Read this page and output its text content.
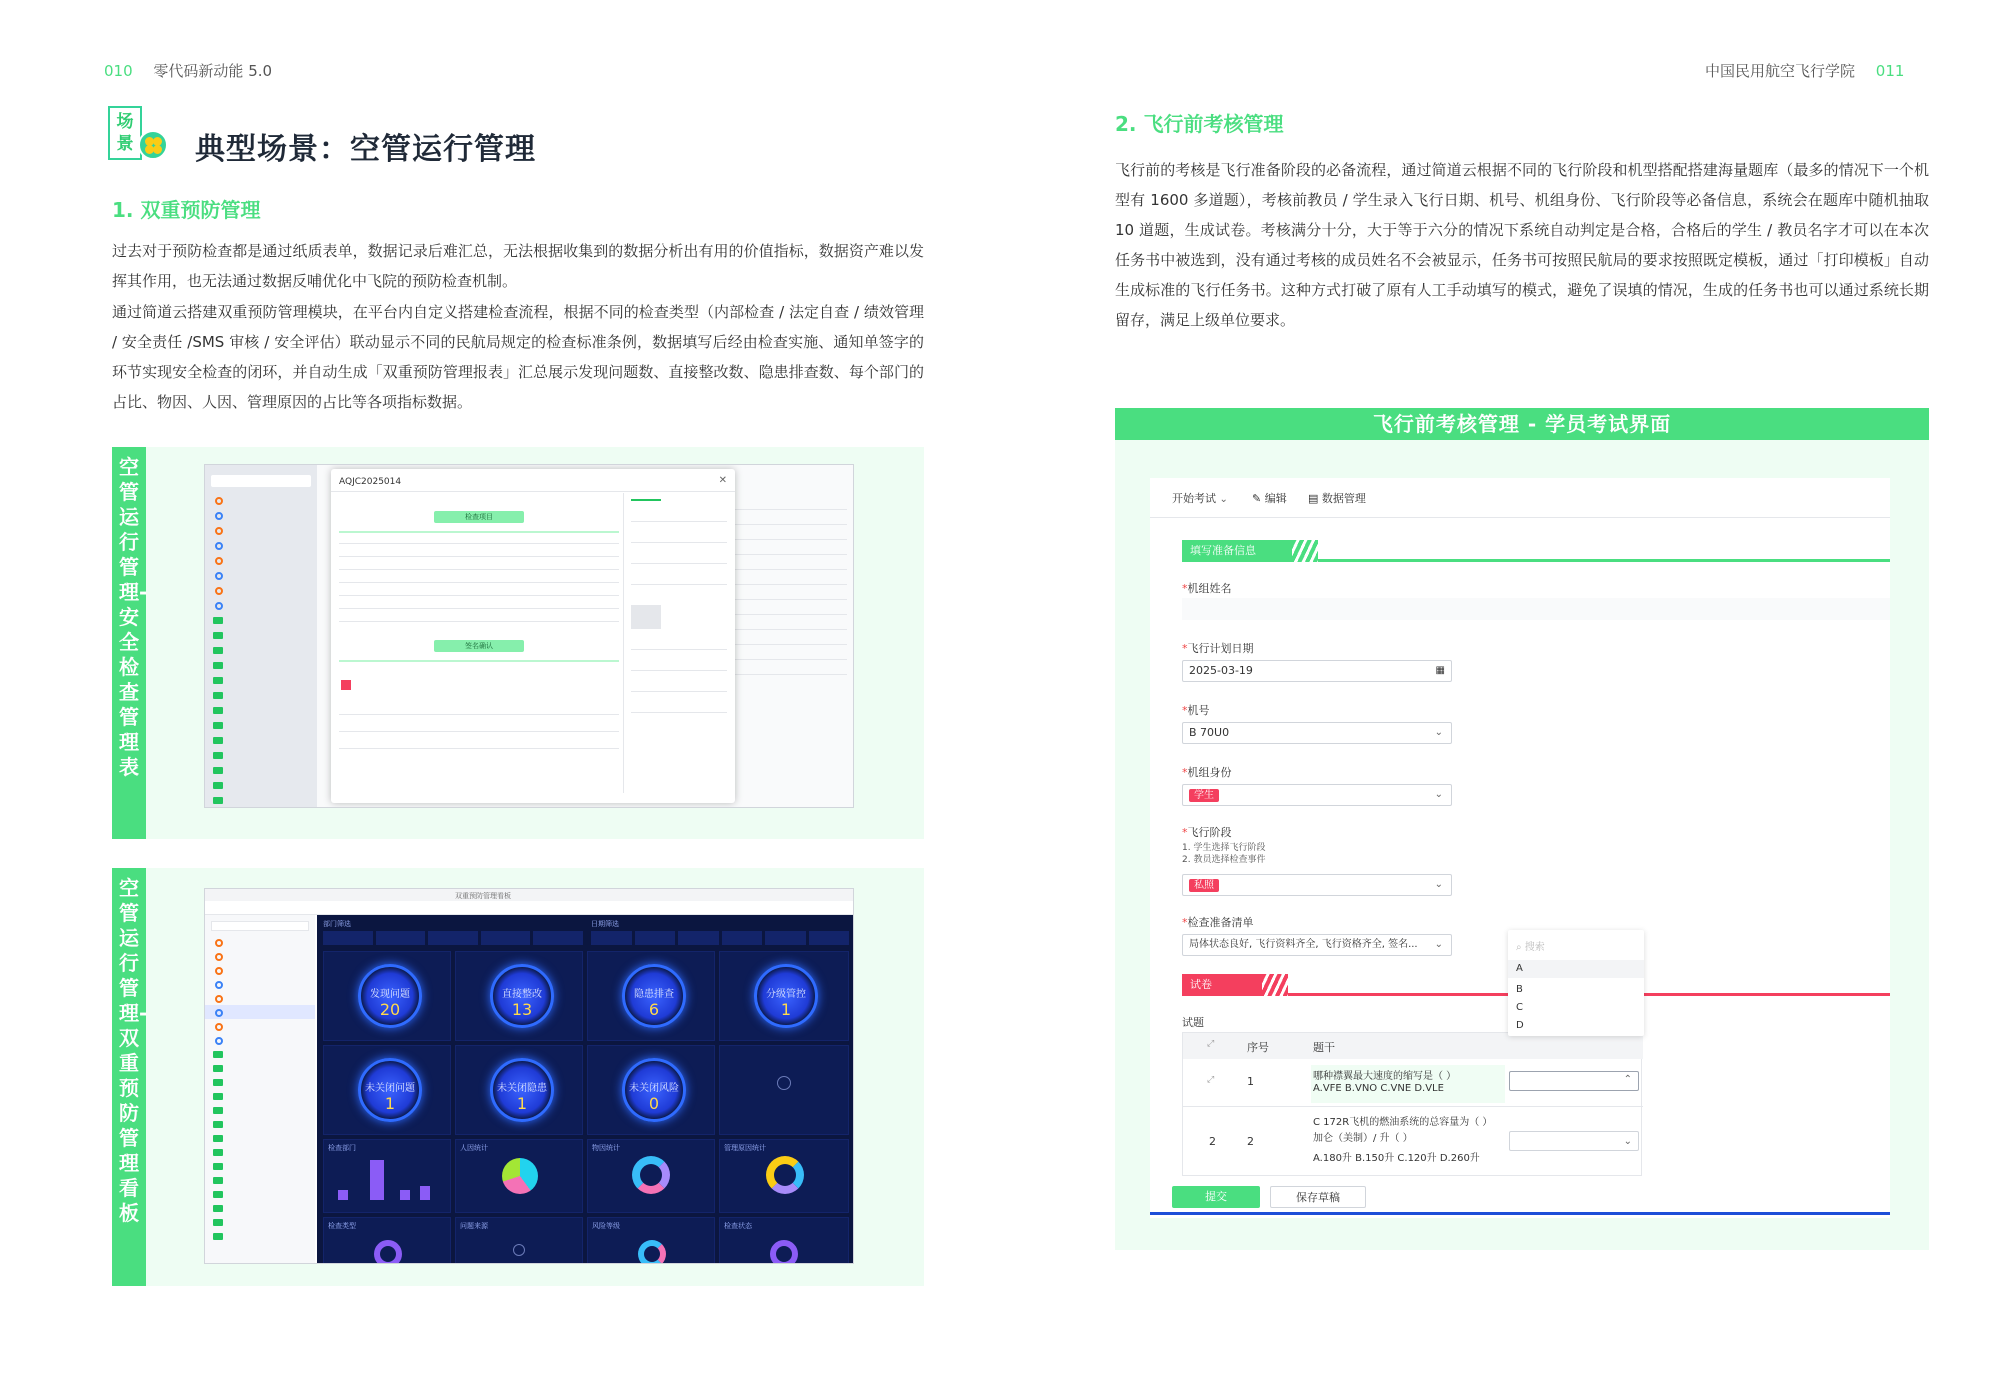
010 零代码新动能 5.0	中国民用航空飞行学院 011
场景 典型场景：空管运行管理
1. 双重预防管理
过去对于预防检查都是通过纸质表单，数据记录后难汇总，无法根据收集到的数据分析出有用的价值指标，数据资产难以发挥其作用，也无法通过数据反哺优化中飞院的预防检查机制。
通过简道云搭建双重预防管理模块，在平台内自定义搭建检查流程，根据不同的检查类型（内部检查 / 法定自查 / 绩效管理 / 安全责任 /SMS 审核 / 安全评估）联动显示不同的民航局规定的检查标准条例，数据填写后经由检查实施、通知单签字的环节实现安全检查的闭环，并自动生成「双重预防管理报表」汇总展示发现问题数、直接整改数、隐患排查数、每个部门的占比、物因、人因、管理原因的占比等各项指标数据。
空管运行管理-安全检查管理表
AQJC2025014	✕
检查项目
签名确认
空管运行管理-双重预防管理看板
双重预防管理看板
部门筛选	日期筛选
发现问题
20
直接整改
13
隐患排查
6
分级管控
1
未关闭问题
1
未关闭隐患
1
未关闭风险
0
检查部门	人因统计	物因统计	管理原因统计
检查类型	问题来源	风险等级	检查状态
2. 飞行前考核管理
飞行前的考核是飞行准备阶段的必备流程，通过简道云根据不同的飞行阶段和机型搭配搭建海量题库（最多的情况下一个机型有 1600 多道题），考核前教员 / 学生录入飞行日期、机号、机组身份、飞行阶段等必备信息，系统会在题库中随机抽取 10 道题，生成试卷。考核满分十分，大于等于六分的情况下系统自动判定是合格，合格后的学生 / 教员名字才可以在本次任务书中被选到，没有通过考核的成员姓名不会被显示，任务书可按照民航局的要求按照既定模板，通过「打印模板」自动生成标准的飞行任务书。这种方式打破了原有人工手动填写的模式，避免了误填的情况，生成的任务书也可以通过系统长期留存，满足上级单位要求。
飞行前考核管理 - 学员考试界面
开始考试 ⌄ ✎ 编辑 ▤ 数据管理
填写准备信息
*机组姓名
*飞行计划日期
2025-03-19	▦
*机号
B 70U0	⌄
*机组身份
学生	⌄
*飞行阶段
1. 学生选择飞行阶段
2. 教员选择检查事件
私照	⌄
*检查准备清单
局体状态良好, 飞行资料齐全, 飞行资格齐全, 签名... ⌄
试卷
试题
⤢	序号	题干
⤢	1	哪种襟翼最大速度的缩写是（ ）
A.VFE B.VNO C.VNE D.VLE
⌃
2	2
C 172R飞机的燃油系统的总容量为（ ）
加仑（美制）/ 升（ ）
A.180升 B.150升 C.120升 D.260升
⌄
⌕ 搜索
A
B
C
D
提交	保存草稿
